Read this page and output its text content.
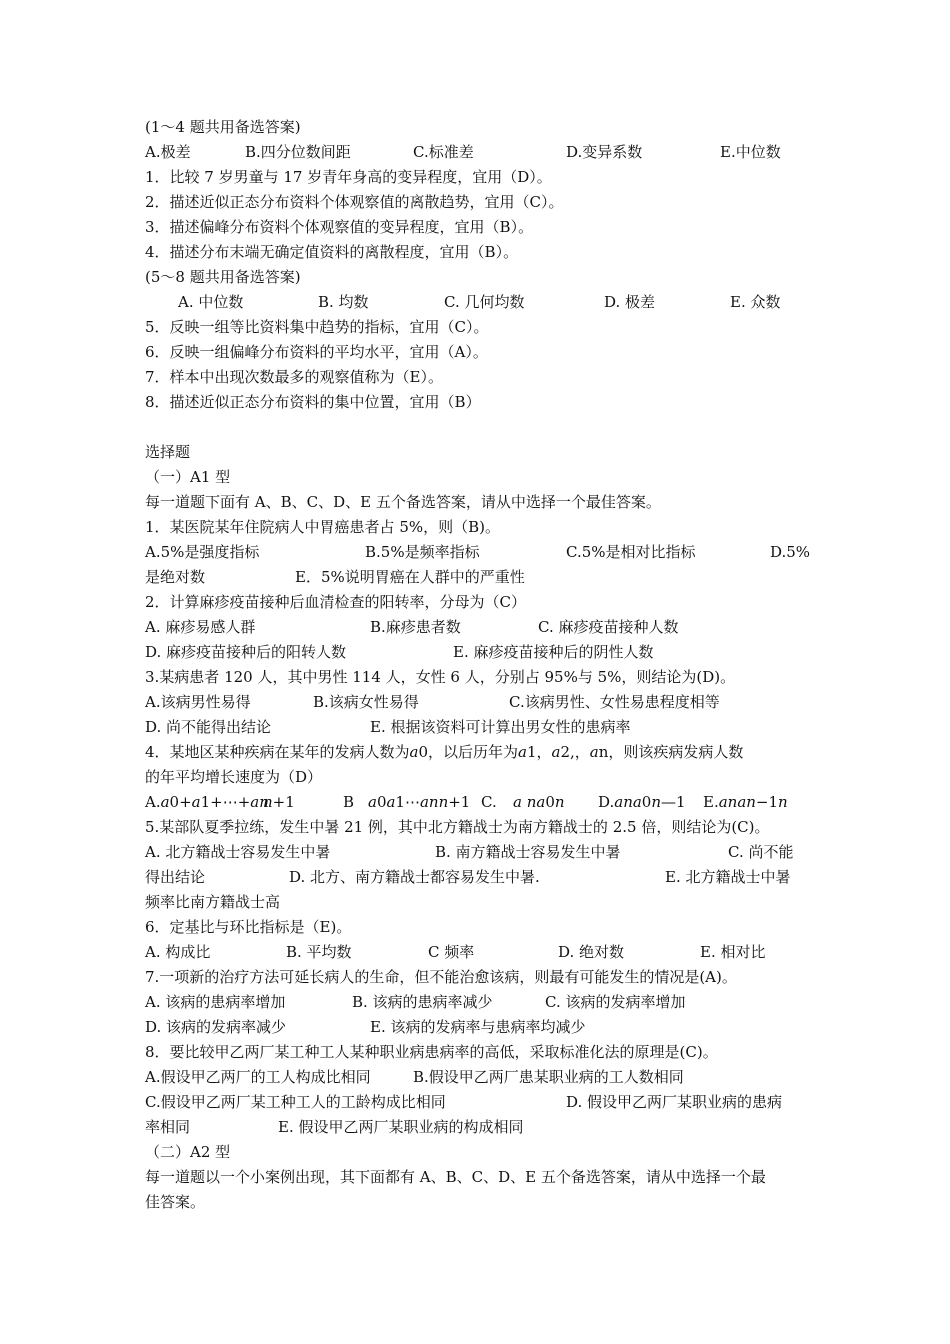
(1～4 题共用备选答案)
A.极差	B.四分位数间距	C.标准差	D.变异系数	E.中位数
1．比较 7 岁男童与 17 岁青年身高的变异程度，宜用（D）。
2．描述近似正态分布资料个体观察值的离散趋势，宜用（C）。
3．描述偏峰分布资料个体观察值的变异程度，宜用（B）。
4．描述分布末端无确定值资料的离散程度，宜用（B）。
(5～8 题共用备选答案)
A. 中位数	B. 均数	C. 几何均数	D. 极差	E. 众数
5．反映一组等比资料集中趋势的指标，宜用（C）。
6．反映一组偏峰分布资料的平均水平，宜用（A）。
7．样本中出现次数最多的观察值称为（E）。
8．描述近似正态分布资料的集中位置，宜用（B）
选择题
（一）A1 型
每一道题下面有 A、B、C、D、E 五个备选答案，请从中选择一个最佳答案。
1．某医院某年住院病人中胃癌患者占 5%，则（B)。
A.5%是强度指标	B.5%是频率指标	C.5%是相对比指标	D.5%
是绝对数	E．5%说明胃癌在人群中的严重性
2．计算麻疹疫苗接种后血清检查的阳转率，分母为（C）
A. 麻疹易感人群	B.麻疹患者数	C. 麻疹疫苗接种人数
D. 麻疹疫苗接种后的阳转人数	E. 麻疹疫苗接种后的阴性人数
3.某病患者 120 人，其中男性 114 人，女性 6 人，分别占 95%与 5%，则结论为(D)。
A.该病男性易得	B.该病女性易得	C.该病男性、女性易患程度相等
D. 尚不能得出结论	E. 根据该资料可计算出男女性的患病率
4．某地区某种疾病在某年的发病人数为𝑎0，以后历年为𝑎1，𝑎2,，𝑎n，则该疾病发病人数
的年平均增长速度为（D）
A.𝑎0+𝑎1+⋯+𝑎𝑛
𝑛+1	B 𝑎0𝑎1⋯𝑎𝑛𝑛+1 C. 𝑎 𝑛𝑎0𝑛 D.𝑎𝑛𝑎0𝑛—1 E.𝑎𝑛𝑎𝑛−1𝑛
5.某部队夏季拉练，发生中暑 21 例，其中北方籍战士为南方籍战士的 2.5 倍，则结论为(C)。
A. 北方籍战士容易发生中暑	B. 南方籍战士容易发生中暑	C. 尚不能
得出结论	D. 北方、南方籍战士都容易发生中暑.	E. 北方籍战士中暑
频率比南方籍战士高
6．定基比与环比指标是（E)。
A. 构成比	B. 平均数	C 频率	D. 绝对数	E. 相对比
7.一项新的治疗方法可延长病人的生命，但不能治愈该病，则最有可能发生的情况是(A)。
A. 该病的患病率增加	B. 该病的患病率减少	C. 该病的发病率增加
D. 该病的发病率减少	E. 该病的发病率与患病率均减少
8．要比较甲乙两厂某工种工人某种职业病患病率的高低，采取标准化法的原理是(C)。
A.假设甲乙两厂的工人构成比相同	B.假设甲乙两厂患某职业病的工人数相同
C.假设甲乙两厂某工种工人的工龄构成比相同	D. 假设甲乙两厂某职业病的患病
率相同	E. 假设甲乙两厂某职业病的构成相同
（二）A2 型
每一道题以一个小案例出现，其下面都有 A、B、C、D、E 五个备选答案，请从中选择一个最
佳答案。
